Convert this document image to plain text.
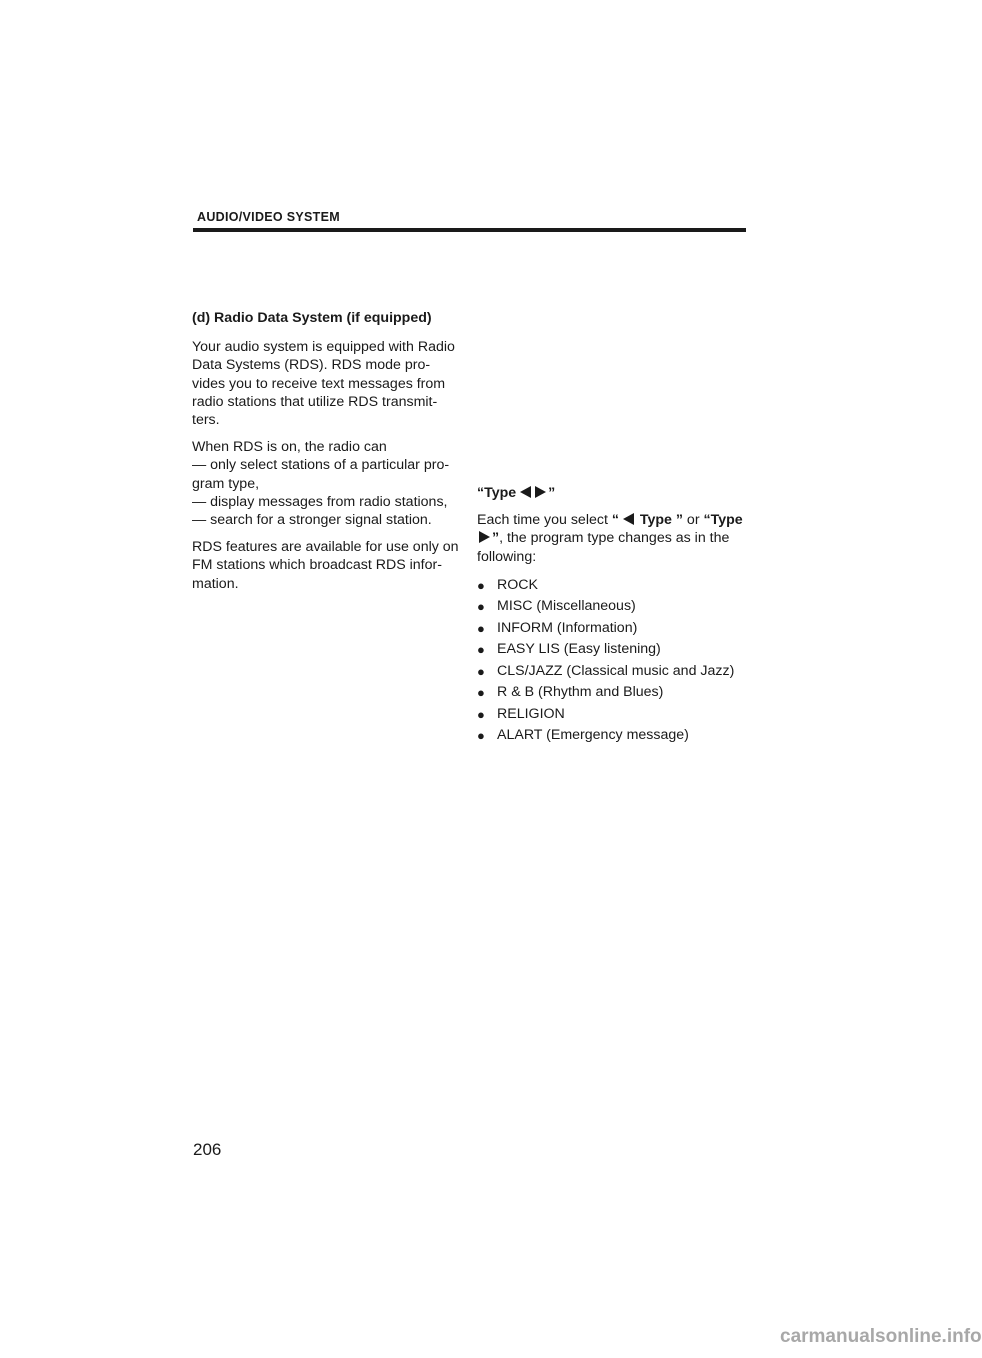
AUDIO/VIDEO SYSTEM
(d) Radio Data System (if equipped)

Your audio system is equipped with Radio
Data Systems (RDS). RDS mode pro-
vides you to receive text messages from
radio stations that utilize RDS transmit-
ters.

When RDS is on, the radio can
— only select stations of a particular pro-
gram type,
— display messages from radio stations,
— search for a stronger signal station.

RDS features are available for use only on
FM stations which broadcast RDS infor-
mation.

“Type ”

Each time you select “ Type ” or “Type
”, the program type changes as in the
following:

● ROCK
● MISC (Miscellaneous)
● INFORM (Information)
● EASY LIS (Easy listening)
● CLS/JAZZ (Classical music and Jazz)
● R & B (Rhythm and Blues)
● RELIGION
● ALART (Emergency message)
206
carmanualsonline.info
